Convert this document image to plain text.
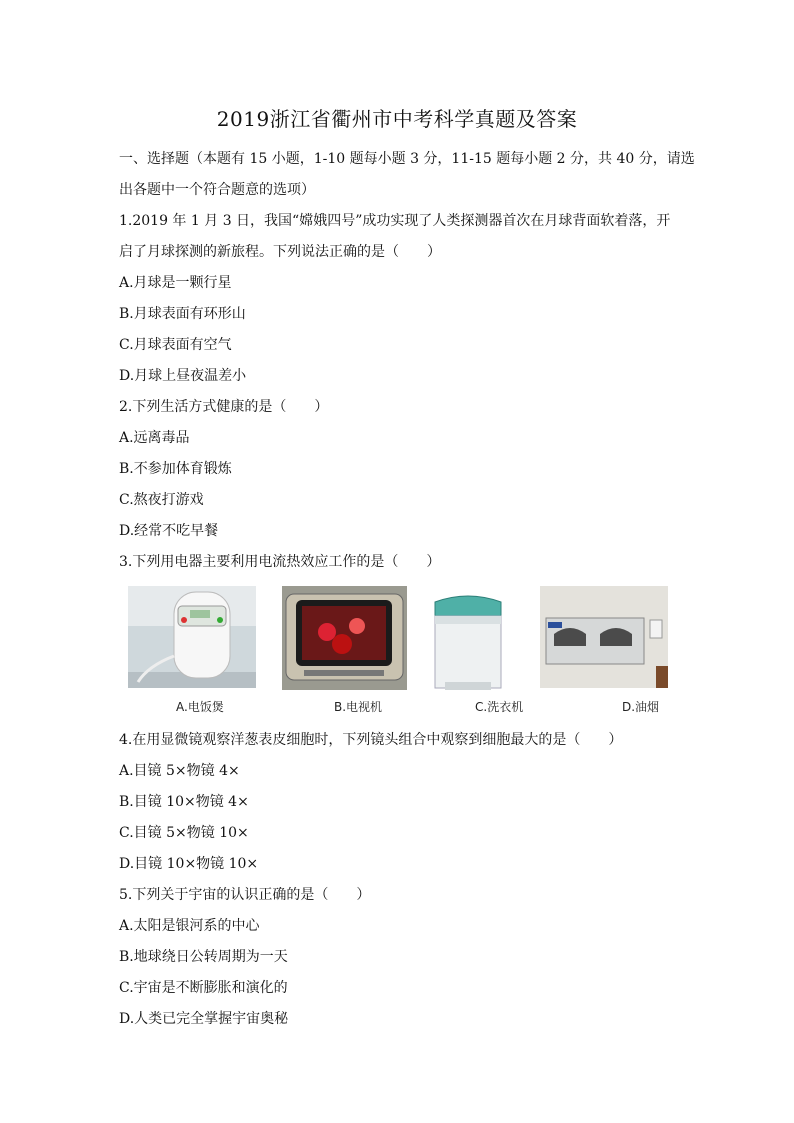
2019浙江省衢州市中考科学真题及答案
一、选择题（本题有 15 小题，1-10 题每小题 3 分，11-15 题每小题 2 分，共 40 分，请选
出各题中一个符合题意的选项）
1.2019 年 1 月 3 日，我国“嫦娥四号”成功实现了人类探测器首次在月球背面软着落，开
启了月球探测的新旅程。下列说法正确的是（　　）
A.月球是一颗行星
B.月球表面有环形山
C.月球表面有空气
D.月球上昼夜温差小
2.下列生活方式健康的是（　　）
A.远离毒品
B.不参加体育锻炼
C.熬夜打游戏
D.经常不吃早餐
3.下列用电器主要利用电流热效应工作的是（　　）
A.电饭煲	B.电视机	C.洗衣机	D.油烟
4.在用显微镜观察洋葱表皮细胞时，下列镜头组合中观察到细胞最大的是（　　）
A.目镜 5×物镜 4×
B.目镜 10×物镜 4×
C.目镜 5×物镜 10×
D.目镜 10×物镜 10×
5.下列关于宇宙的认识正确的是（　　）
A.太阳是银河系的中心
B.地球绕日公转周期为一天
C.宇宙是不断膨胀和演化的
D.人类已完全掌握宇宙奥秘
